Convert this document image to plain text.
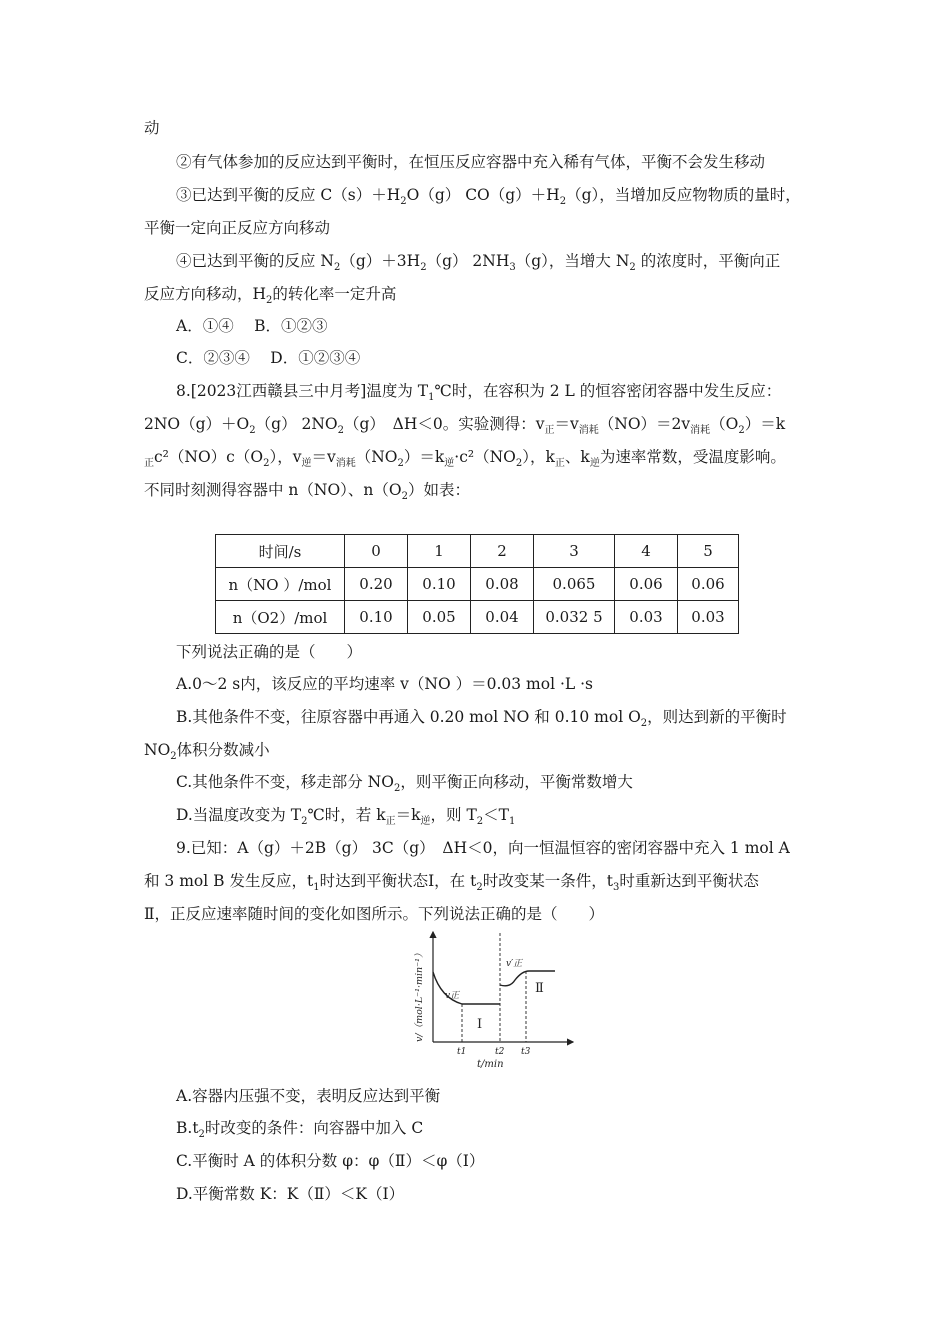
动
②有气体参加的反应达到平衡时，在恒压反应容器中充入稀有气体，平衡不会发生移动
③已达到平衡的反应 $C(s)+H_2O(g)$ $CO(g)+H_2(g)$，当增加反应物物质的量时，
平衡一定向正反应方向移动
④已达到平衡的反应 $N_2(g)+3H_2(g)$ $2NH_3(g)$，当增大 $N_2$ 的浓度时，平衡向正
反应方向移动，$H_2$的转化率一定升高
A．①④　 B．①②③
C．②③④　 D．①②③④
8.[2023江西赣县三中月考]温度为 $T_1℃$时，在容积为 2 L 的恒容密闭容器中发生反应：
$2NO(g)+O_2(g)$ $2NO_2(g)$　ΔH＜0。实验测得：$v_正=v_{消耗}(NO)=2v_{消耗}(O_2)=k$
$_正c^2(NO)c(O_2)$，$v_逆=v_{消耗}(NO_2)=k_逆\cdot c^2(NO_2)$，$k_正$、$k_逆$为速率常数，受温度影响。
不同时刻测得容器中 n（NO）、$n(O_2)$如表：
时间/s	0	1	2	3	4	5
n（NO ）/mol	0.20	0.10	0.08	0.065	0.06	0.06
n（O2）/mol	0.10	0.05	0.04	0.032 5	0.03	0.03
下列说法正确的是（　　）
A.0～2 s内，该反应的平均速率 v（NO ）＝0.03 mol ·L ·s
B.其他条件不变，往原容器中再通入 0.20 mol NO 和 0.10 mol $O_2$，则达到新的平衡时
$NO_2$体积分数减小
C.其他条件不变，移走部分 $NO_2$，则平衡正向移动，平衡常数增大
D.当温度改变为 $T_2℃$时，若 $k_正=k_逆$，则 $T_2<T_1$
9.已知：A（g）＋2B（g） 3C（g）　ΔH＜0，向一恒温恒容的密闭容器中充入 1 mol A
和 3 mol B 发生反应，$t_1$时达到平衡状态Ⅰ，在 $t_2$时改变某一条件，$t_3$时重新达到平衡状态
Ⅱ，正反应速率随时间的变化如图所示。下列说法正确的是（　　）
v/（mol·L⁻¹·min⁻¹） v正
v′正
Ⅰ
Ⅱ
t1	t2 t3
t/min
A.容器内压强不变，表明反应达到平衡
$B.t_2$时改变的条件：向容器中加入 C
C.平衡时 A 的体积分数 φ：φ（Ⅱ）＜φ（Ⅰ）
D.平衡常数 K：K（Ⅱ）＜K（Ⅰ）
